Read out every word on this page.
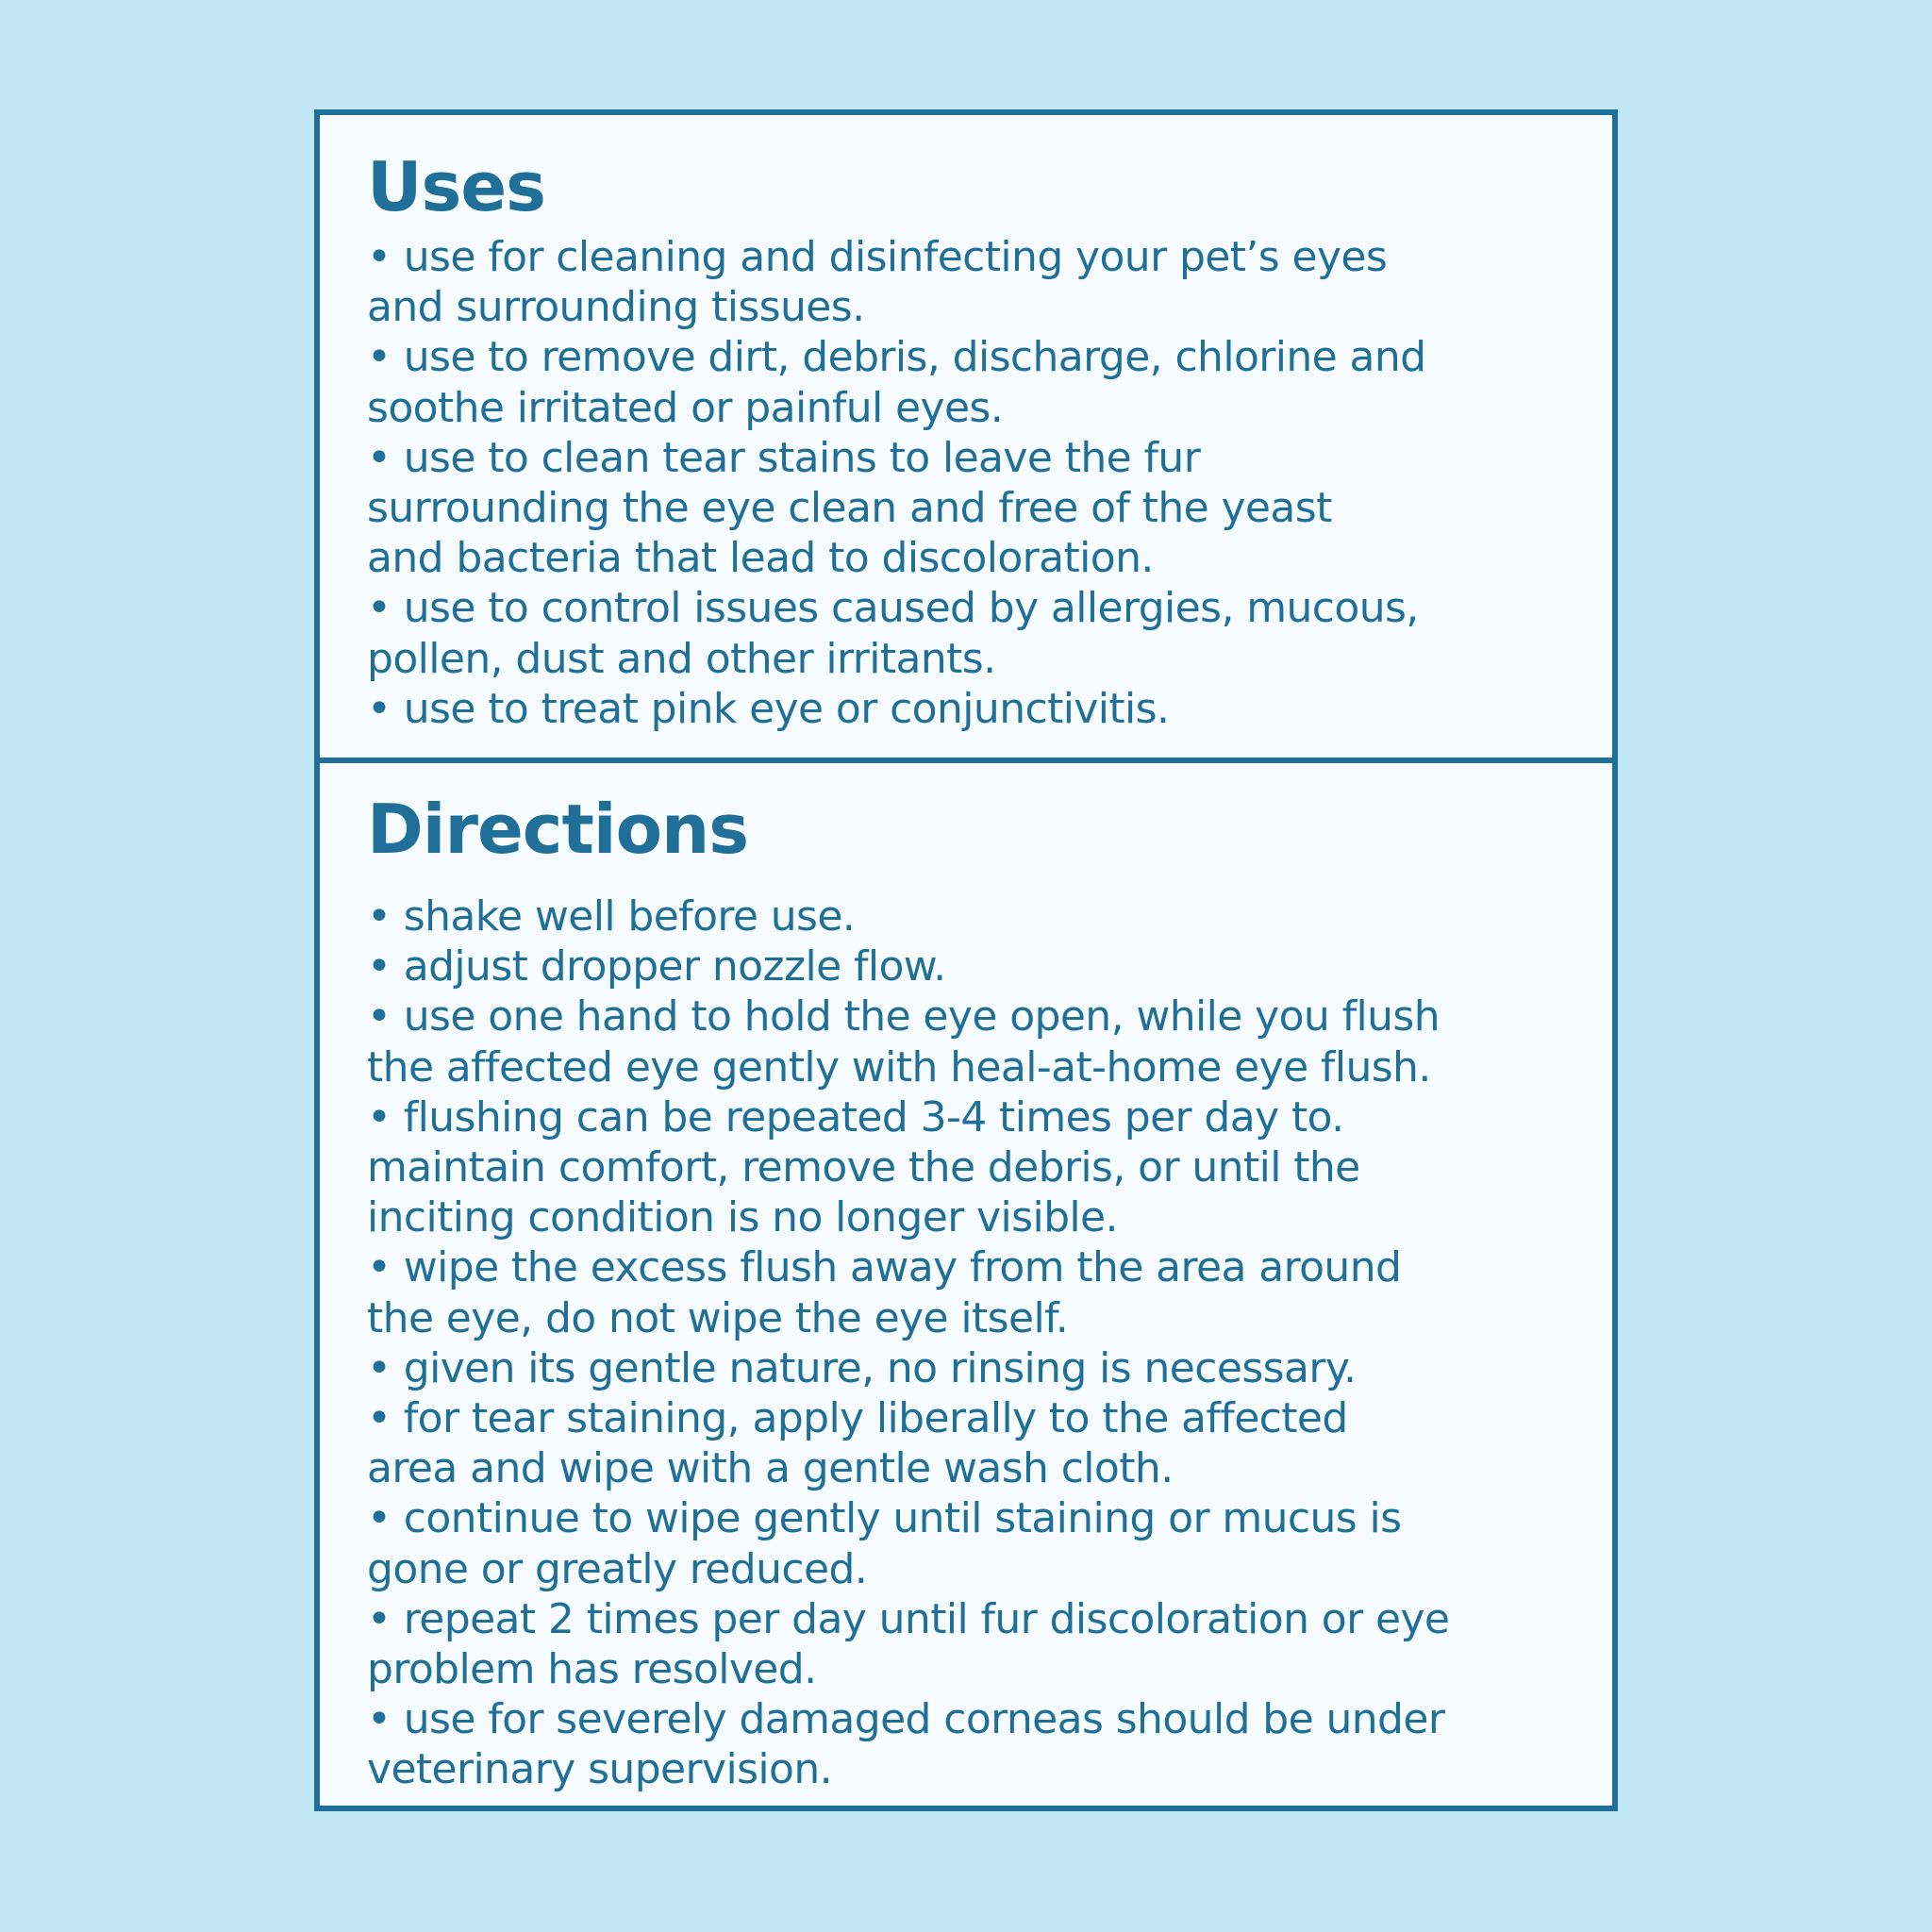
Uses
• use for cleaning and disinfecting your pet’s eyes
and surrounding tissues.
• use to remove dirt, debris, discharge, chlorine and
soothe irritated or painful eyes.
• use to clean tear stains to leave the fur
surrounding the eye clean and free of the yeast
and bacteria that lead to discoloration.
• use to control issues caused by allergies, mucous,
pollen, dust and other irritants.
• use to treat pink eye or conjunctivitis.
Directions
• shake well before use.
• adjust dropper nozzle flow.
• use one hand to hold the eye open, while you flush
the affected eye gently with heal-at-home eye flush.
• flushing can be repeated 3-4 times per day to.
maintain comfort, remove the debris, or until the
inciting condition is no longer visible.
• wipe the excess flush away from the area around
the eye, do not wipe the eye itself.
• given its gentle nature, no rinsing is necessary.
• for tear staining, apply liberally to the affected
area and wipe with a gentle wash cloth.
• continue to wipe gently until staining or mucus is
gone or greatly reduced.
• repeat 2 times per day until fur discoloration or eye
problem has resolved.
• use for severely damaged corneas should be under
veterinary supervision.
